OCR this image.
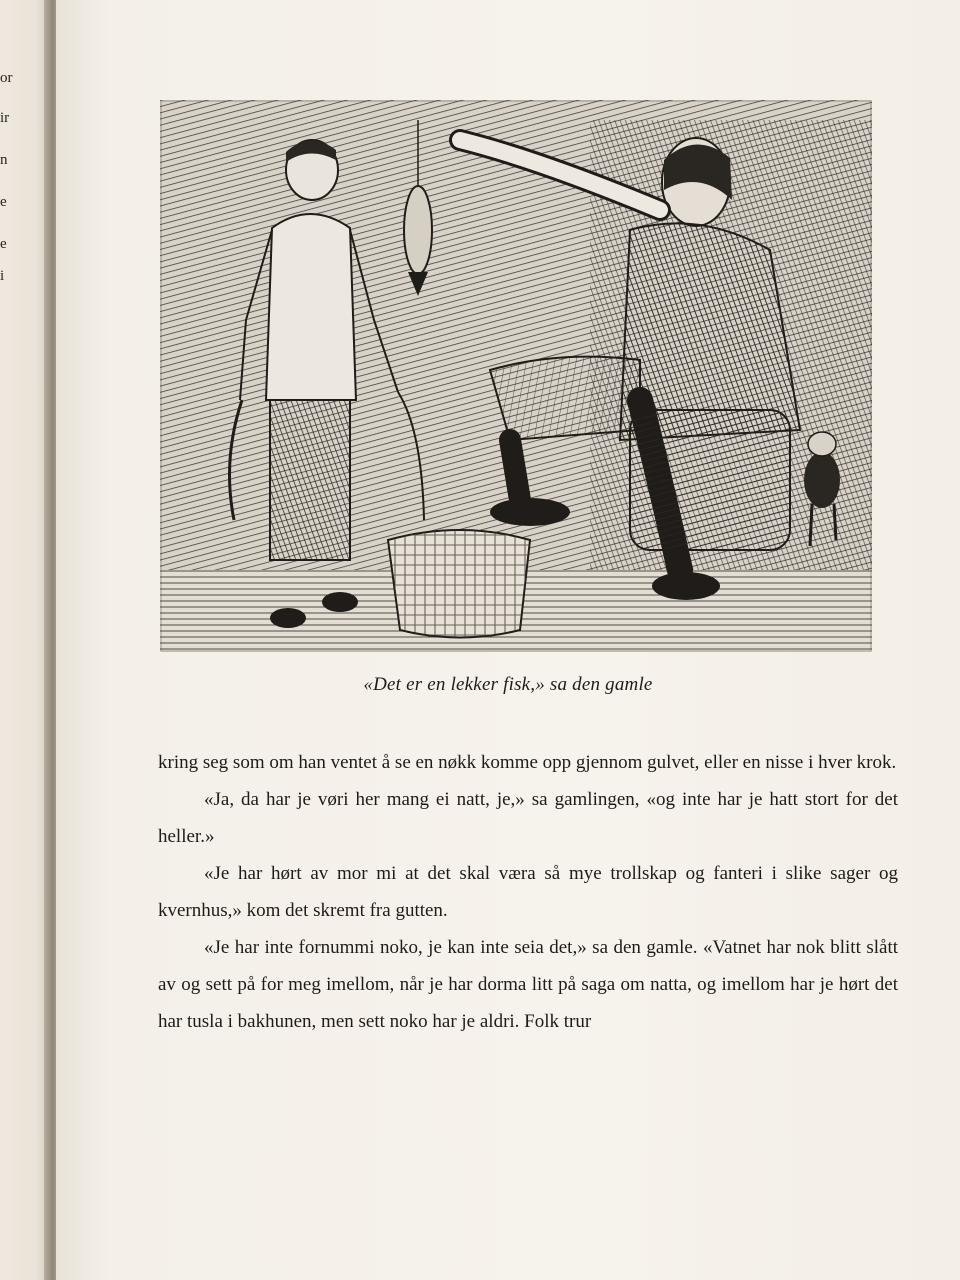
or
ir
n
e
e
i
«Det er en lekker fisk,» sa den gamle

kring seg som om han ventet å se en nøkk komme opp gjennom gulvet, eller en nisse i hver krok.

«Ja, da har je vøri her mang ei natt, je,» sa gamlingen, «og inte har je hatt stort for det heller.»

«Je har hørt av mor mi at det skal væra så mye trollskap og fanteri i slike sager og kvernhus,» kom det skremt fra gutten.

«Je har inte fornummi noko, je kan inte seia det,» sa den gamle. «Vatnet har nok blitt slått av og sett på for meg imellom, når je har dorma litt på saga om natta, og imellom har je hørt det har tusla i bakhunen, men sett noko har je aldri. Folk trur
